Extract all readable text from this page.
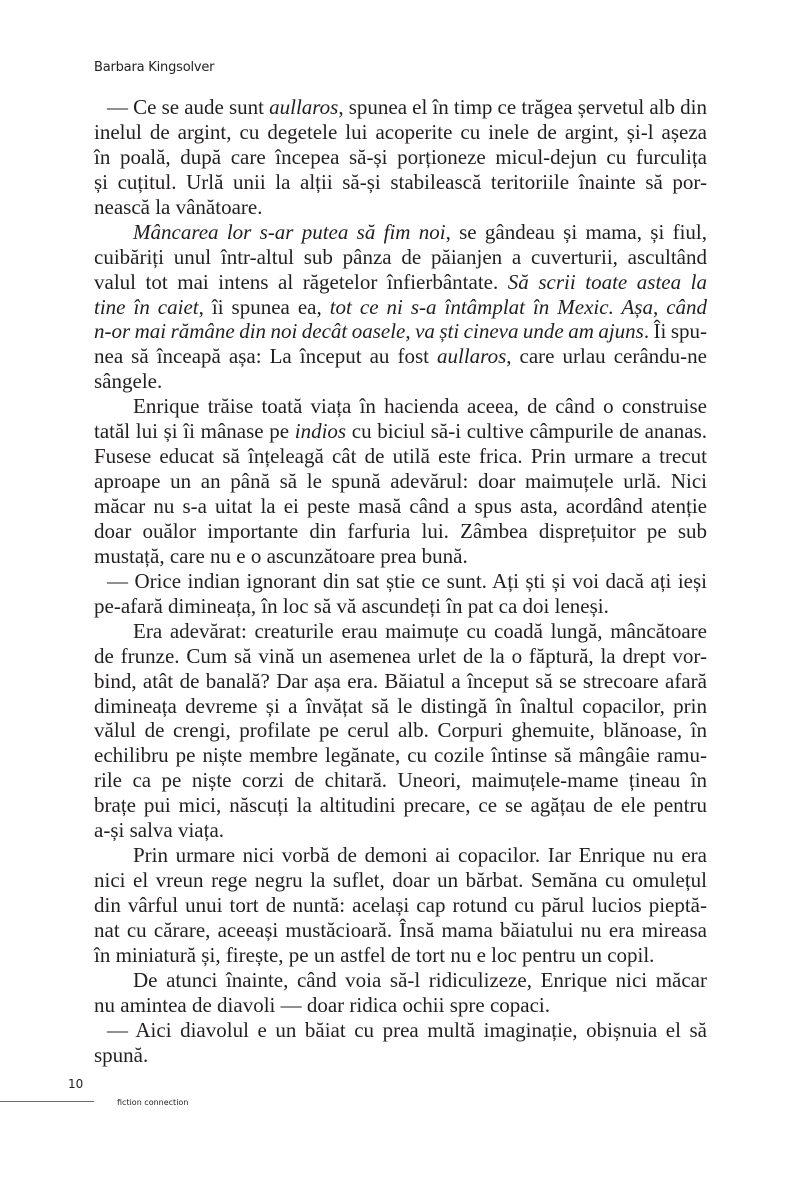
Barbara Kingsolver
— Ce se aude sunt aullaros, spunea el în timp ce trăgea șervetul alb din
inelul de argint, cu degetele lui acoperite cu inele de argint, și-l așeza
în poală, după care începea să-și porționeze micul-dejun cu furculița
și cuțitul. Urlă unii la alții să-și stabilească teritoriile înainte să por-
nească la vânătoare.
Mâncarea lor s-ar putea să fim noi, se gândeau și mama, și fiul,
cuibăriți unul într-altul sub pânza de păianjen a cuverturii, ascultând
valul tot mai intens al răgetelor înfierbântate. Să scrii toate astea la
tine în caiet, îi spunea ea, tot ce ni s-a întâmplat în Mexic. Așa, când
n-or mai rămâne din noi decât oasele, va ști cineva unde am ajuns. Îi spu-
nea să înceapă așa: La început au fost aullaros, care urlau cerându-ne
sângele.
Enrique trăise toată viața în hacienda aceea, de când o construise
tatăl lui și îi mânase pe indios cu biciul să-i cultive câmpurile de ananas.
Fusese educat să înțeleagă cât de utilă este frica. Prin urmare a trecut
aproape un an până să le spună adevărul: doar maimuțele urlă. Nici
măcar nu s-a uitat la ei peste masă când a spus asta, acordând atenție
doar ouălor importante din farfuria lui. Zâmbea disprețuitor pe sub
mustață, care nu e o ascunzătoare prea bună.
— Orice indian ignorant din sat știe ce sunt. Ați ști și voi dacă ați ieși
pe-afară dimineața, în loc să vă ascundeți în pat ca doi leneși.
Era adevărat: creaturile erau maimuțe cu coadă lungă, mâncătoare
de frunze. Cum să vină un asemenea urlet de la o făptură, la drept vor-
bind, atât de banală? Dar așa era. Băiatul a început să se strecoare afară
dimineața devreme și a învățat să le distingă în înaltul copacilor, prin
vălul de crengi, profilate pe cerul alb. Corpuri ghemuite, blănoase, în
echilibru pe niște membre legănate, cu cozile întinse să mângâie ramu-
rile ca pe niște corzi de chitară. Uneori, maimuțele-mame țineau în
brațe pui mici, născuți la altitudini precare, ce se agățau de ele pentru
a-și salva viața.
Prin urmare nici vorbă de demoni ai copacilor. Iar Enrique nu era
nici el vreun rege negru la suflet, doar un bărbat. Semăna cu omulețul
din vârful unui tort de nuntă: același cap rotund cu părul lucios pieptă-
nat cu cărare, aceeași mustăcioară. Însă mama băiatului nu era mireasa
în miniatură și, firește, pe un astfel de tort nu e loc pentru un copil.
De atunci înainte, când voia să-l ridiculizeze, Enrique nici măcar
nu amintea de diavoli — doar ridica ochii spre copaci.
— Aici diavolul e un băiat cu prea multă imaginație, obișnuia el să
spună.
10
fiction connection
